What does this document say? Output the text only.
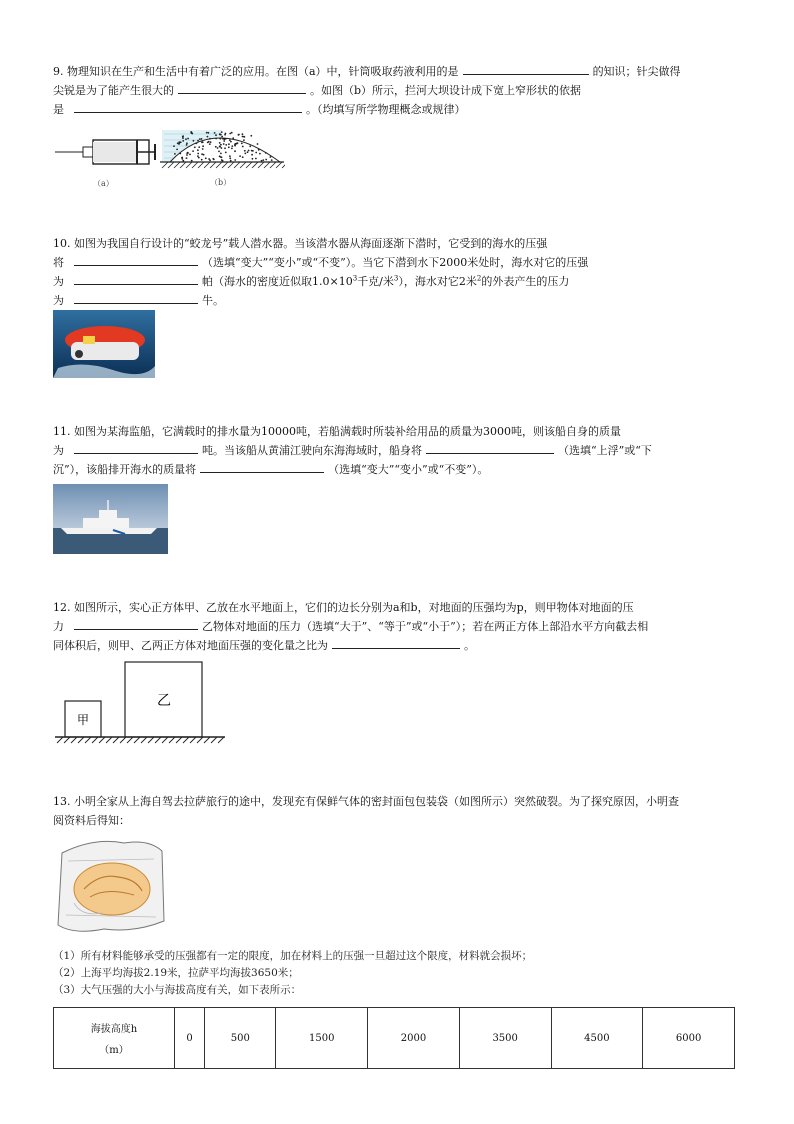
9. 物理知识在生产和生活中有着广泛的应用。在图（a）中，针筒吸取药液利用的是	的知识；针尖做得
尖锐是为了能产生很大的	。如图（b）所示，拦河大坝设计成下宽上窄形状的依据
是	。（均填写所学物理概念或规律）
（a）	（b）
10. 如图为我国自行设计的“蛟龙号”载人潜水器。当该潜水器从海面逐渐下潜时，它受到的海水的压强
将	（选填“变大”“变小”或“不变”）。当它下潜到水下2000米处时，海水对它的压强
为	帕（海水的密度近似取$1.0\times 10^3$千克/米$^3$），海水对它2米$^2$的外表产生的压力
为	牛。
11. 如图为某海监船，它满载时的排水量为10000吨，若船满载时所装补给用品的质量为3000吨，则该船自身的质量
为	吨。当该船从黄浦江驶向东海海域时，船身将	（选填“上浮”或“下
沉”），该船排开海水的质量将	（选填“变大”“变小”或“不变”）。
12. 如图所示，实心正方体甲、乙放在水平地面上，它们的边长分别为a和b，对地面的压强均为p，则甲物体对地面的压
力	乙物体对地面的压力（选填“大于”、“等于”或“小于”）；若在两正方体上部沿水平方向截去相
同体积后，则甲、乙两正方体对地面压强的变化量之比为	。
甲
乙
13. 小明全家从上海自驾去拉萨旅行的途中，发现充有保鲜气体的密封面包包装袋（如图所示）突然破裂。为了探究原因，小明查
阅资料后得知：
（1）所有材料能够承受的压强都有一定的限度，加在材料上的压强一旦超过这个限度，材料就会损坏；
（2）上海平均海拔2.19米，拉萨平均海拔3650米；
（3）大气压强的大小与海拔高度有关，如下表所示：
海拔高度h
（m）
	0	500	1500	2000	3500	4500	6000
